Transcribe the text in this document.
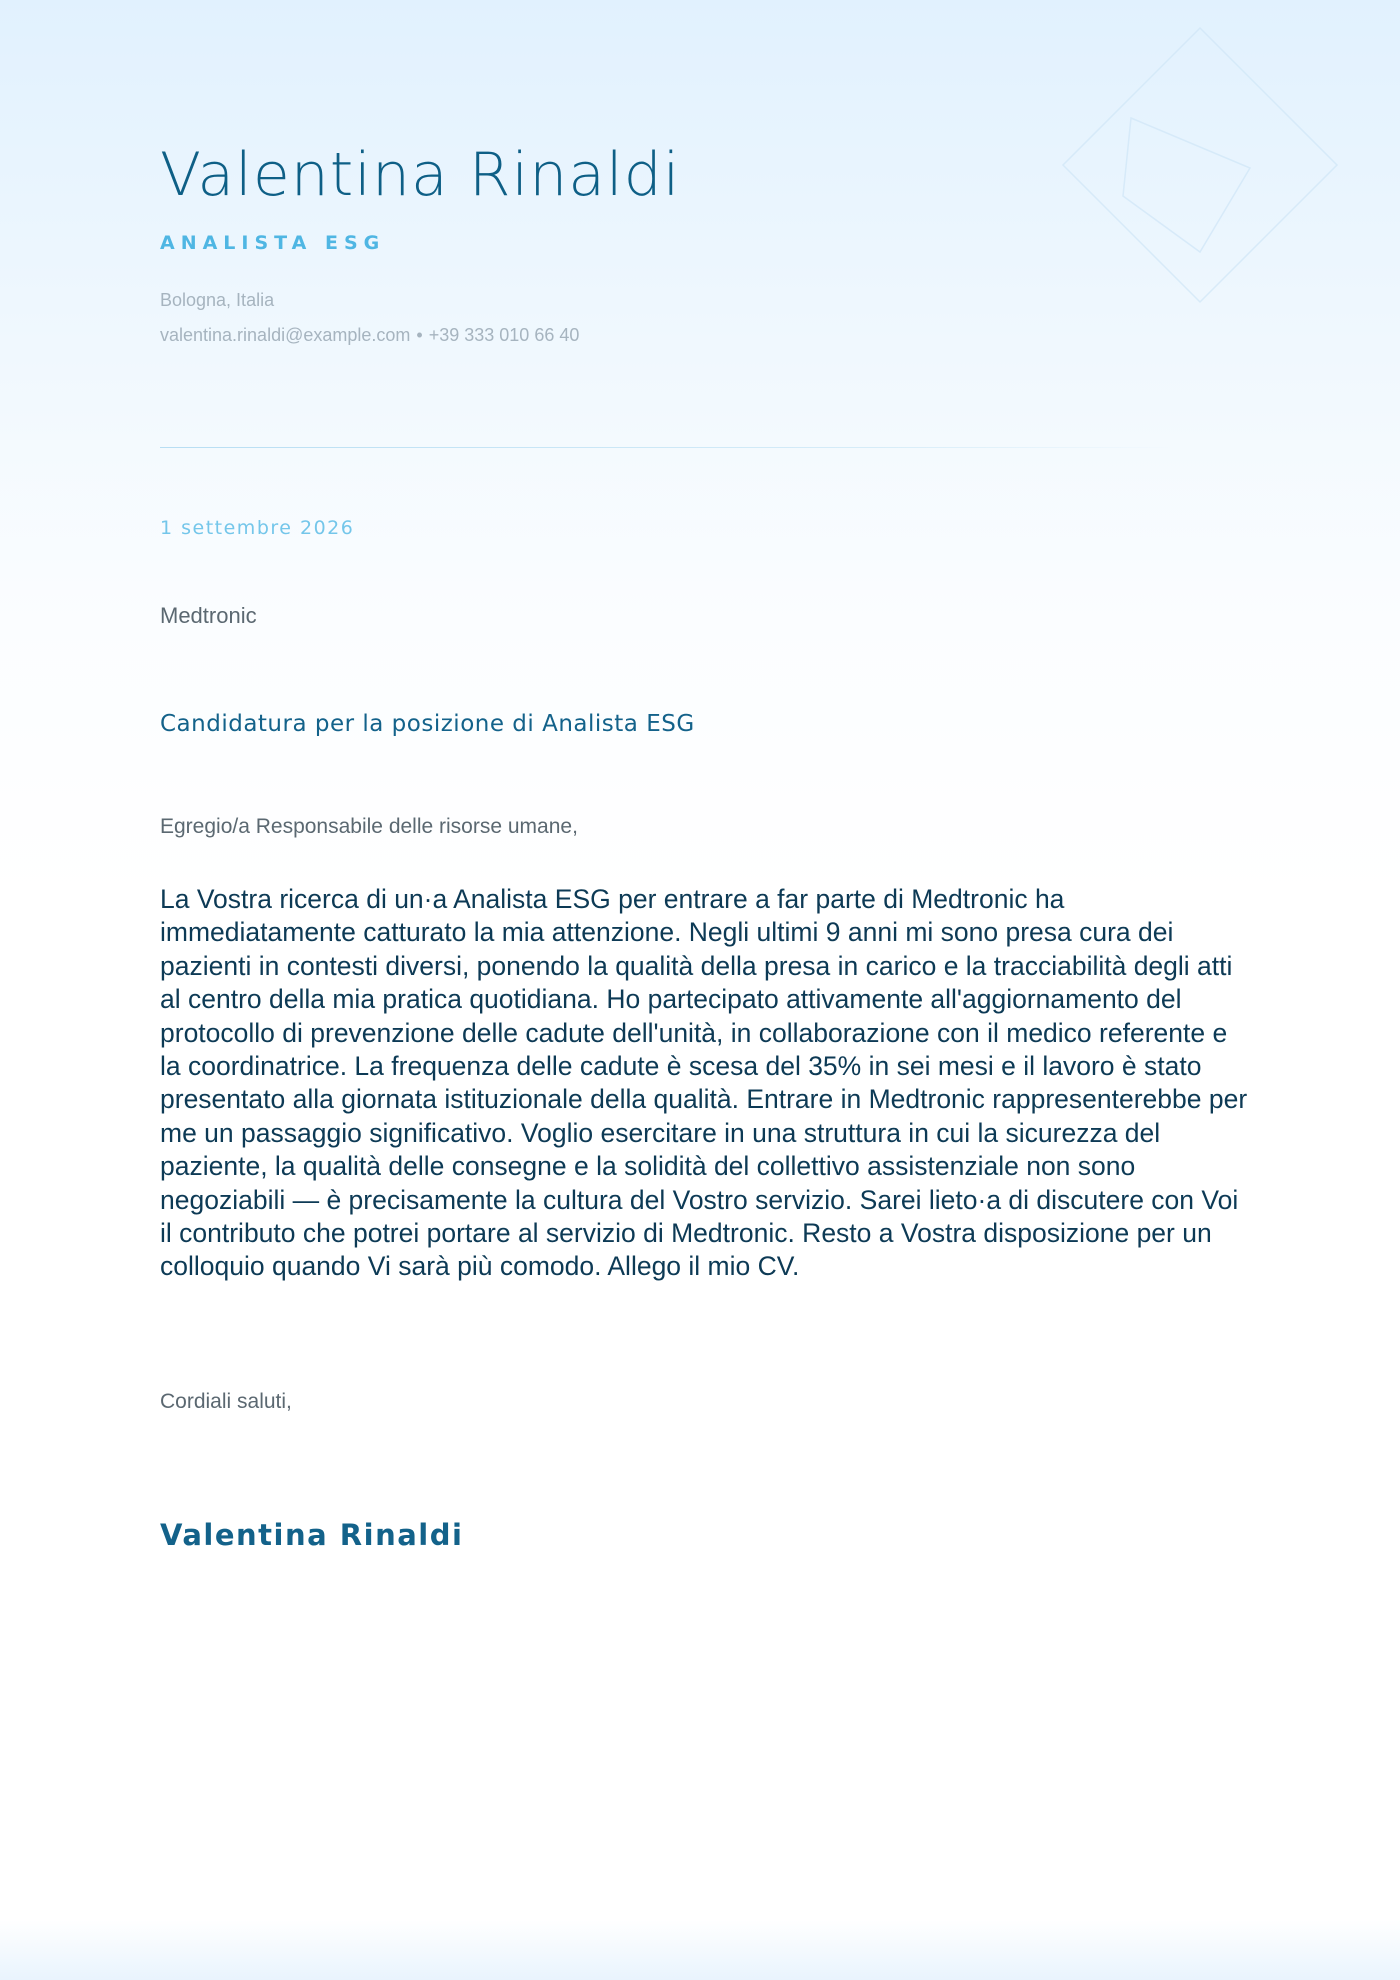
Valentina Rinaldi
ANALISTA ESG
Bologna, Italia
valentina.rinaldi@example.com • +39 333 010 66 40
1 settembre 2026
Medtronic
Candidatura per la posizione di Analista ESG
Egregio/a Responsabile delle risorse umane,

La Vostra ricerca di un·a Analista ESG per entrare a far parte di Medtronic ha immediatamente catturato la mia attenzione. Negli ultimi 9 anni mi sono presa cura dei pazienti in contesti diversi, ponendo la qualità della presa in carico e la tracciabilità degli atti al centro della mia pratica quotidiana. Ho partecipato attivamente all'aggiornamento del protocollo di prevenzione delle cadute dell'unità, in collaborazione con il medico referente e la coordinatrice. La frequenza delle cadute è scesa del 35% in sei mesi e il lavoro è stato presentato alla giornata istituzionale della qualità. Entrare in Medtronic rappresenterebbe per me un passaggio significativo. Voglio esercitare in una struttura in cui la sicurezza del paziente, la qualità delle consegne e la solidità del collettivo assistenziale non sono negoziabili — è precisamente la cultura del Vostro servizio. Sarei lieto·a di discutere con Voi il contributo che potrei portare al servizio di Medtronic. Resto a Vostra disposizione per un colloquio quando Vi sarà più comodo. Allego il mio CV.

Cordiali saluti,
Valentina Rinaldi
